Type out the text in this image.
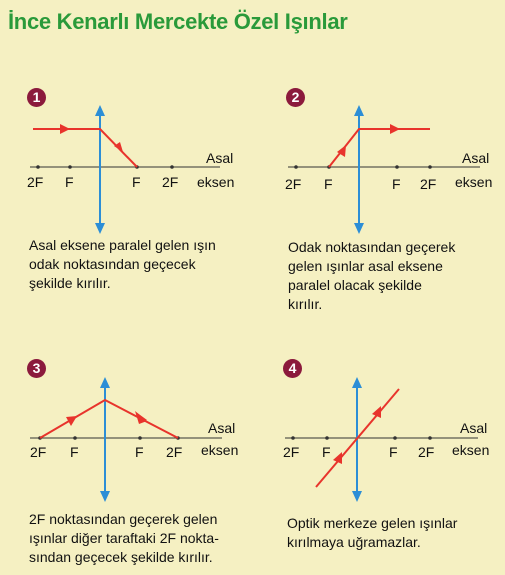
İnce Kenarlı Mercekte Özel Işınlar
1
2F F	F 2F
Asal
eksen
Asal eksene paralel gelen ışın
odak noktasından geçecek
şekilde kırılır.
2
2F F	F 2F
Asal
eksen
Odak noktasından geçerek
gelen ışınlar asal eksene
paralel olacak şekilde
kırılır.
3
2F F	F 2F
Asal
eksen
2F noktasından geçerek gelen
ışınlar diğer taraftaki 2F nokta-
sından geçecek şekilde kırılır.
4
2F F	F 2F
Asal
eksen
Optik merkeze gelen ışınlar
kırılmaya uğramazlar.
